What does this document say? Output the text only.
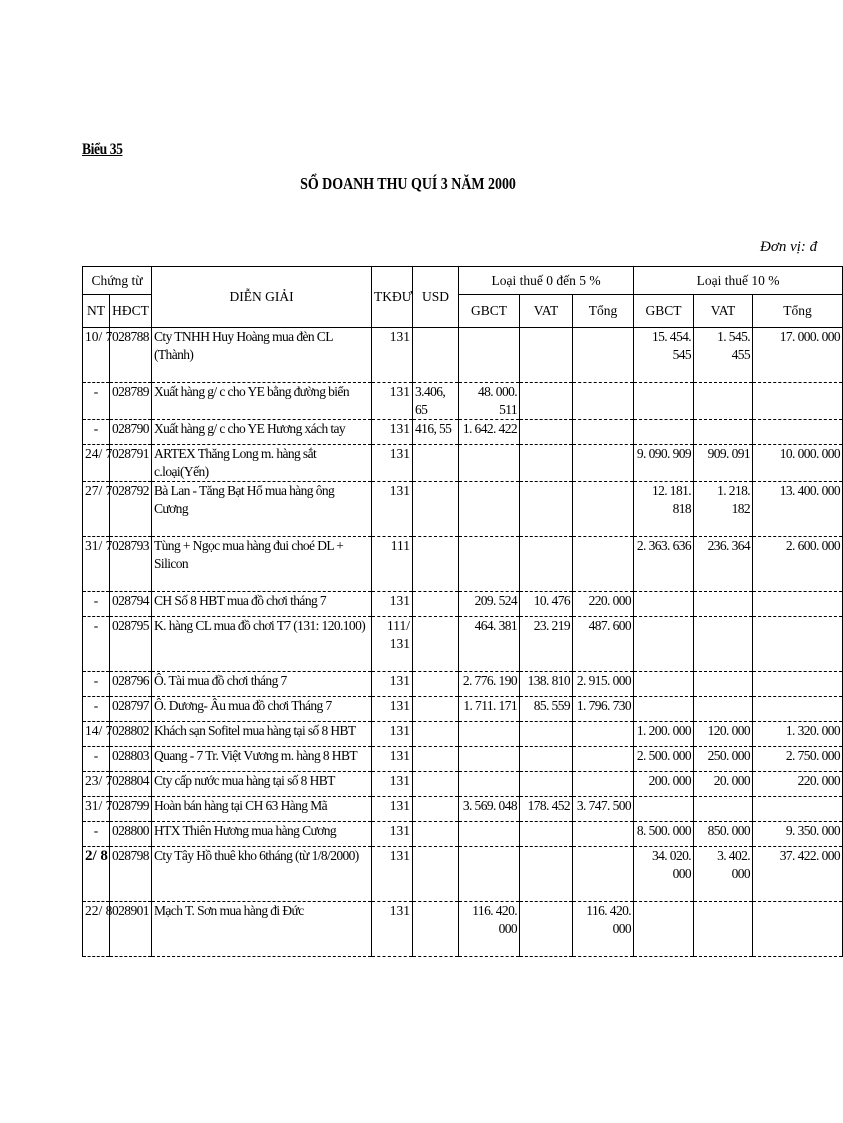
Biểu 35
SỔ DOANH THU QUÍ 3 NĂM 2000
Đơn vị: đ
Chứng từ		DIỄN GIẢI	TKĐƯ	USD	Loại thuế 0 đến 5 %			Loại thuế 10 %		
NT	HĐCT				GBCT	VAT	Tổng	GBCT	VAT	Tổng
10/ 7	028788	Cty TNHH Huy Hoàng mua đèn CL (Thành)	131					15. 454. 545	1. 545. 455	17. 000. 000
-	028789	Xuất hàng g/ c cho YE bằng đường biển	131	3.406, 65	48. 000. 511					
-	028790	Xuất hàng g/ c cho YE Hương xách tay	131	416, 55	1. 642. 422					
24/ 7	028791	ARTEX Thăng Long m. hàng sắt c.loại(Yến)	131					9. 090. 909	909. 091	10. 000. 000
27/ 7	028792	Bà Lan - Tăng Bạt Hổ mua hàng ông Cương	131					12. 181. 818	1. 218. 182	13. 400. 000
31/ 7	028793	Tùng + Ngọc mua hàng đui choé DL + Silicon	111					2. 363. 636	236. 364	2. 600. 000
-	028794	CH Số 8 HBT mua đồ chơi tháng 7	131		209. 524	10. 476	220. 000			
-	028795	K. hàng CL mua đồ chơi T7 (131: 120.100)	111/ 131		464. 381	23. 219	487. 600			
-	028796	Ô. Tài mua đồ chơi tháng 7	131		2. 776. 190	138. 810	2. 915. 000			
-	028797	Ô. Dương- Âu mua đồ chơi Tháng 7	131		1. 711. 171	85. 559	1. 796. 730			
14/ 7	028802	Khách sạn Sofitel mua hàng tại số 8 HBT	131					1. 200. 000	120. 000	1. 320. 000
-	028803	Quang - 7 Tr. Việt Vương m. hàng 8 HBT	131					2. 500. 000	250. 000	2. 750. 000
23/ 7	028804	Cty cấp nước mua hàng tại số 8 HBT	131					200. 000	20. 000	220. 000
31/ 7	028799	Hoàn bán hàng tại CH 63 Hàng Mã	131		3. 569. 048	178. 452	3. 747. 500			
-	028800	HTX Thiên Hương mua hàng Cương	131					8. 500. 000	850. 000	9. 350. 000
2/ 8	028798	Cty Tây Hồ thuê kho 6tháng (từ 1/8/2000)	131					34. 020. 000	3. 402. 000	37. 422. 000
22/ 8	028901	Mạch T. Sơn mua hàng đi Đức	131		116. 420. 000		116. 420. 000			
